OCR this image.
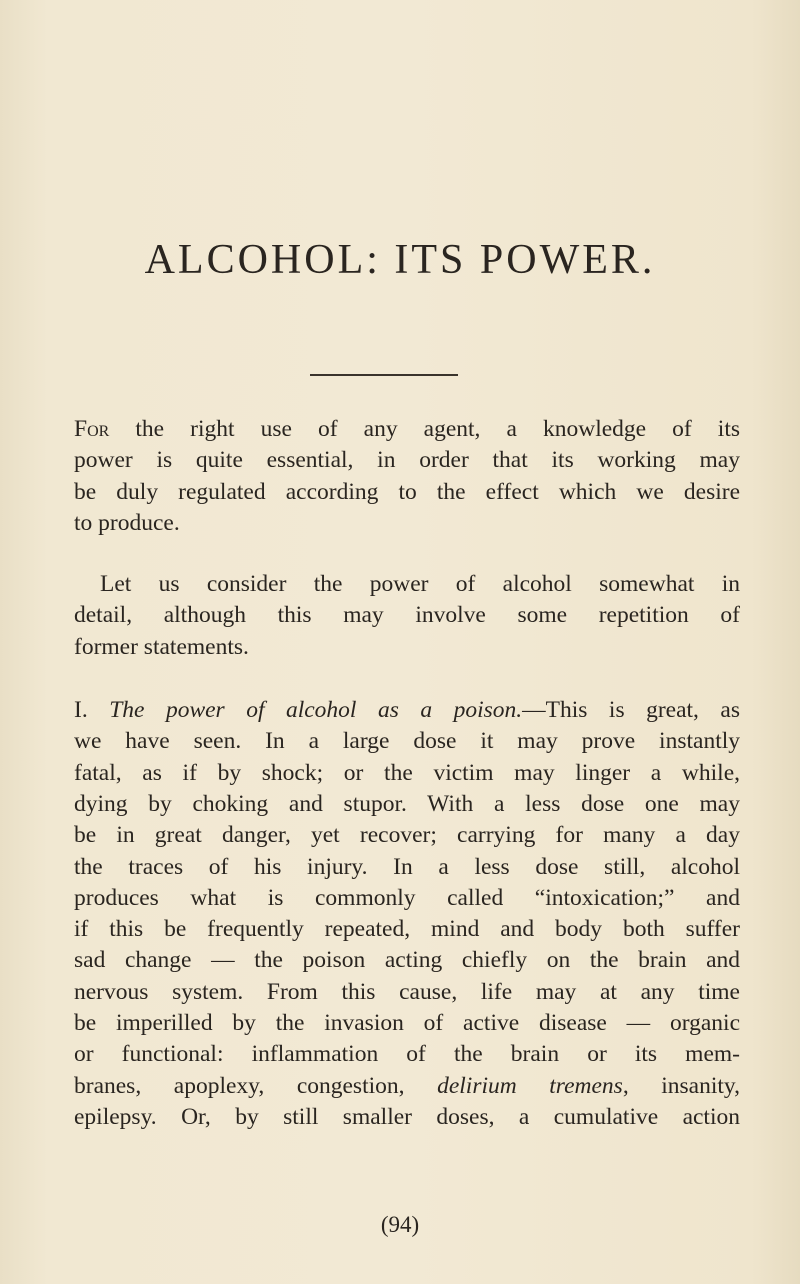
ALCOHOL: ITS POWER.
For the right use of any agent, a knowledge of its
power is quite essential, in order that its working may
be duly regulated according to the effect which we desire
to produce.
Let us consider the power of alcohol somewhat in
detail, although this may involve some repetition of
former statements.
I. The power of alcohol as a poison.—This is great, as
we have seen. In a large dose it may prove instantly
fatal, as if by shock; or the victim may linger a while,
dying by choking and stupor. With a less dose one may
be in great danger, yet recover; carrying for many a day
the traces of his injury. In a less dose still, alcohol
produces what is commonly called “intoxication;” and
if this be frequently repeated, mind and body both suffer
sad change — the poison acting chiefly on the brain and
nervous system. From this cause, life may at any time
be imperilled by the invasion of active disease — organic
or functional: inflammation of the brain or its mem-
branes, apoplexy, congestion, delirium tremens, insanity,
epilepsy. Or, by still smaller doses, a cumulative action
(94)
